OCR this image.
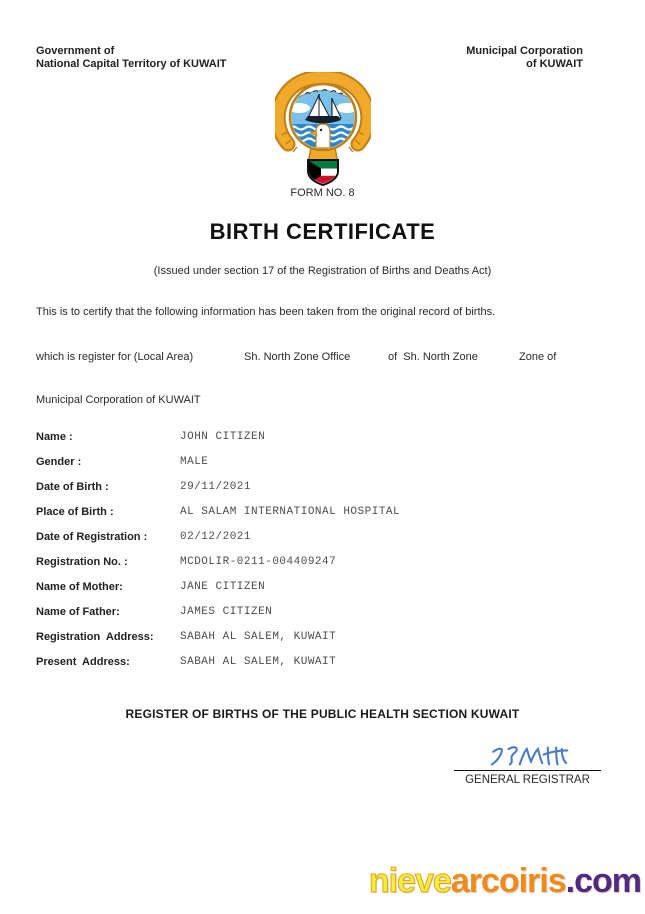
Government of
National Capital Territory of KUWAIT
Municipal Corporation
of KUWAIT
FORM NO. 8
BIRTH CERTIFICATE
(Issued under section 17 of the Registration of Births and Deaths Act)
This is to certify that the following information has been taken from the original record of births.
which is register for (Local Area)	Sh. North Zone Office	of  Sh. North Zone	Zone of
Municipal Corporation of KUWAIT
Name :	JOHN CITIZEN
Gender :	MALE
Date of Birth :	29/11/2021
Place of Birth :	AL SALAM INTERNATIONAL HOSPITAL
Date of Registration :	02/12/2021
Registration No. :	MCDOLIR-0211-004409247
Name of Mother:	JANE CITIZEN
Name of Father:	JAMES CITIZEN
Registration  Address:	SABAH AL SALEM, KUWAIT
Present  Address:	SABAH AL SALEM, KUWAIT
REGISTER OF BIRTHS OF THE PUBLIC HEALTH SECTION KUWAIT
GENERAL REGISTRAR
nievearcoiris.com
